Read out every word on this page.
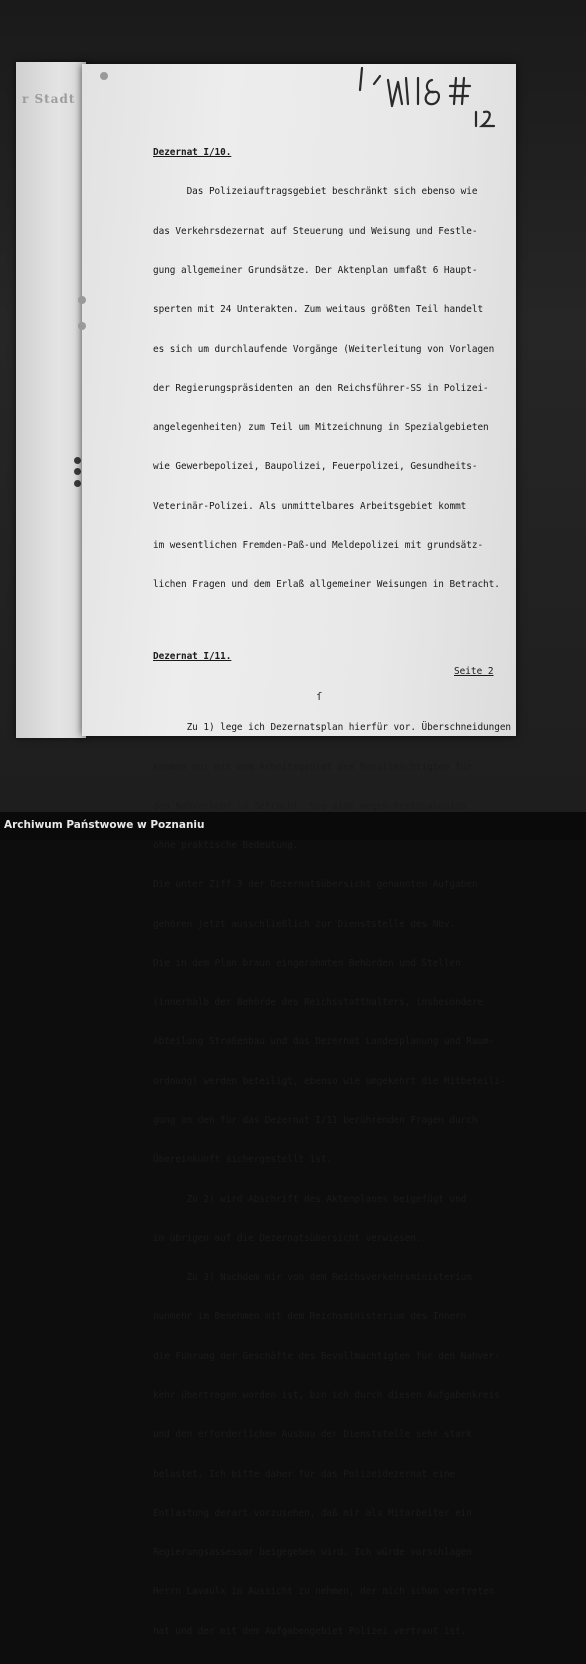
r Stadt

Dezernat I/10.

Das Polizeiauftragsgebiet beschränkt sich ebenso wie

das Verkehrsdezernat auf Steuerung und Weisung und Festle-

gung allgemeiner Grundsätze. Der Aktenplan umfaßt 6 Haupt-

sperten mit 24 Unterakten. Zum weitaus größten Teil handelt

es sich um durchlaufende Vorgänge (Weiterleitung von Vorlagen

der Regierungspräsidenten an den Reichsführer-SS in Polizei-

angelegenheiten) zum Teil um Mitzeichnung in Spezialgebieten

wie Gewerbepolizei, Baupolizei, Feuerpolizei, Gesundheits-

Veterinär-Polizei. Als unmittelbares Arbeitsgebiet kommt

im wesentlichen Fremden-Paß-und Meldepolizei mit grundsätz-

lichen Fragen und dem Erlaß allgemeiner Weisungen in Betracht.

Dezernat I/11.

Zu 1) lege ich Dezernatsplan hierfür vor. Überschneidungen

kommen nur mit dem Arbeitsgebiet des Bevollmächtigten für

den Nahverkehr in Betracht. Sie sind wegen Personalunion

ohne praktische Bedeutung.

Die unter Ziff.3 der Dezernatsübersicht genannten Aufgaben

gehören jetzt ausschließlich zur Dienststelle des Nbv.

Die in dem Plan braun eingerahmten Behörden und Stellen

(innerhalb der Behörde des Reichsstatthalters, insbesondere

Abteilung Straßenbau und das Dezernat Landesplanung und Raum-

ordnung) werden beteiligt, ebenso wie umgekehrt die Mitbeteili-

gung an den für das Dezernat I/11 berührenden Fragen durch

Übereinkunft sichergestellt ist.

Zu 2) wird Abschrift des Aktenplanes beigefügt und

im übrigen auf die Dezernatsübersicht verwiesen.

Zu 3) Nachdem mir von dem Reichsverkehrsministerium

nunmehr im Benehmen mit dem Reichsministerium des Innern

die Führung der Geschäfte des Bevollmächtigten für den Nahver-

kehr übertragen worden ist, bin ich durch diesen Aufgabenkreis

und den erforderlichen Ausbau der Dienststelle sehr stark

belastet. Ich bitte daher für das Polizeidezernat eine

Entlastung derart vorzusehen, daß mir als Mitarbeiter ein

Regierungsassessor beigegeben wird. Ich würde vorschlagen

Herrn Lavaulx in Aussicht zu nehmen, der mich schon vertreten

hat und der mit dem Aufgabengebiet Polizei vertraut ist.

Seite 2
ſ
Archiwum Państwowe w Poznaniu
